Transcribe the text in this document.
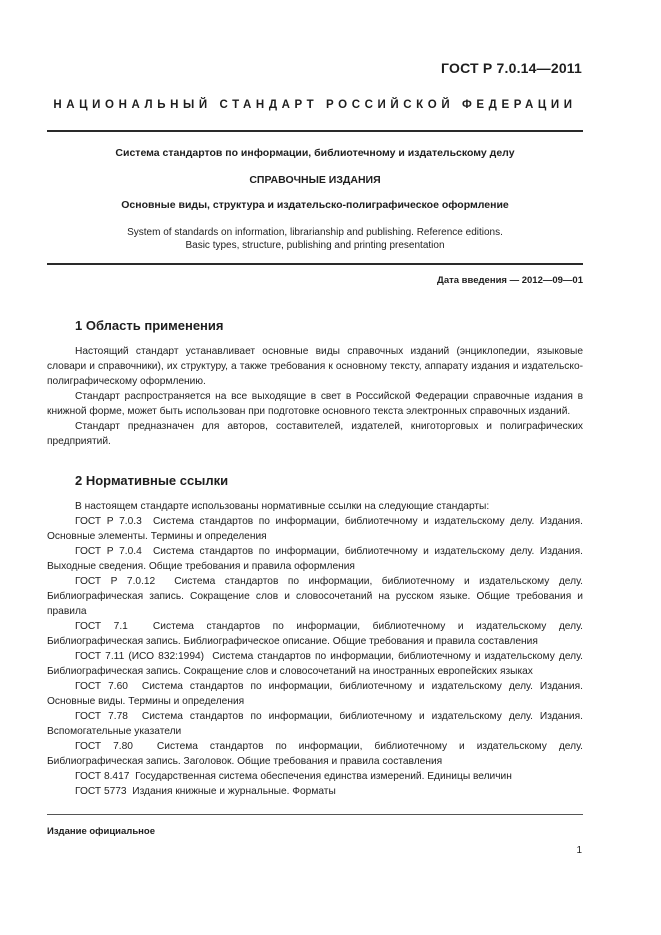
ГОСТ Р 7.0.14—2011
НАЦИОНАЛЬНЫЙ СТАНДАРТ РОССИЙСКОЙ ФЕДЕРАЦИИ
Система стандартов по информации, библиотечному и издательскому делу
СПРАВОЧНЫЕ ИЗДАНИЯ
Основные виды, структура и издательско-полиграфическое оформление
System of standards on information, librarianship and publishing. Reference editions.
Basic types, structure, publishing and printing presentation
Дата введения — 2012—09—01
1 Область применения

Настоящий стандарт устанавливает основные виды справочных изданий (энциклопедии, языковые словари и справочники), их структуру, а также требования к основному тексту, аппарату издания и издательско-полиграфическому оформлению.

Стандарт распространяется на все выходящие в свет в Российской Федерации справочные издания в книжной форме, может быть использован при подготовке основного текста электронных справочных изданий.

Стандарт предназначен для авторов, составителей, издателей, книготорговых и полиграфических предприятий.

2 Нормативные ссылки

В настоящем стандарте использованы нормативные ссылки на следующие стандарты:

ГОСТ Р 7.0.3 Система стандартов по информации, библиотечному и издательскому делу. Издания. Основные элементы. Термины и определения

ГОСТ Р 7.0.4 Система стандартов по информации, библиотечному и издательскому делу. Издания. Выходные сведения. Общие требования и правила оформления

ГОСТ Р 7.0.12 Система стандартов по информации, библиотечному и издательскому делу. Библиографическая запись. Сокращение слов и словосочетаний на русском языке. Общие требования и правила

ГОСТ 7.1 Система стандартов по информации, библиотечному и издательскому делу. Библиографическая запись. Библиографическое описание. Общие требования и правила составления

ГОСТ 7.11 (ИСО 832:1994) Система стандартов по информации, библиотечному и издательскому делу. Библиографическая запись. Сокращение слов и словосочетаний на иностранных европейских языках

ГОСТ 7.60 Система стандартов по информации, библиотечному и издательскому делу. Издания. Основные виды. Термины и определения

ГОСТ 7.78 Система стандартов по информации, библиотечному и издательскому делу. Издания. Вспомогательные указатели

ГОСТ 7.80 Система стандартов по информации, библиотечному и издательскому делу. Библиографическая запись. Заголовок. Общие требования и правила составления

ГОСТ 8.417 Государственная система обеспечения единства измерений. Единицы величин

ГОСТ 5773 Издания книжные и журнальные. Форматы

Издание официальное
1
